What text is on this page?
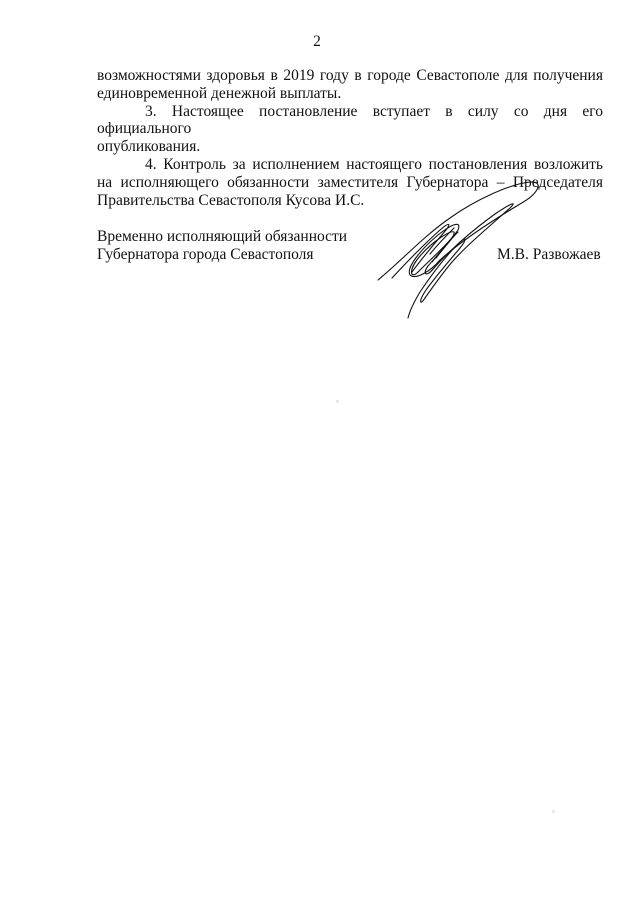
2

возможностями здоровья в 2019 году в городе Севастополе для получения

единовременной денежной выплаты.

3. Настоящее постановление вступает в силу со дня его официального

опубликования.

4. Контроль за исполнением настоящего постановления возложить

на исполняющего обязанности заместителя Губернатора – Председателя

Правительства Севастополя Кусова И.С.

Временно исполняющий обязанности
Губернатора города Севастополя	М.В. Развожаев
